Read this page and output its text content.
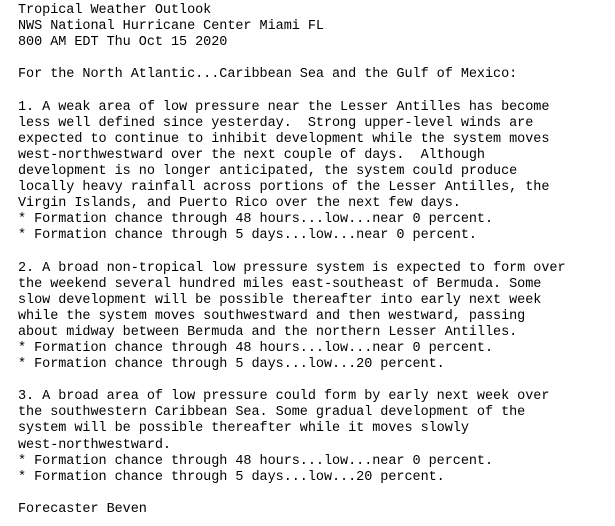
Tropical Weather Outlook
NWS National Hurricane Center Miami FL
800 AM EDT Thu Oct 15 2020
For the North Atlantic...Caribbean Sea and the Gulf of Mexico:
1. A weak area of low pressure near the Lesser Antilles has become
less well defined since yesterday.  Strong upper-level winds are
expected to continue to inhibit development while the system moves
west-northwestward over the next couple of days.  Although
development is no longer anticipated, the system could produce
locally heavy rainfall across portions of the Lesser Antilles, the
Virgin Islands, and Puerto Rico over the next few days.
* Formation chance through 48 hours...low...near 0 percent.
* Formation chance through 5 days...low...near 0 percent.
2. A broad non-tropical low pressure system is expected to form over
the weekend several hundred miles east-southeast of Bermuda. Some
slow development will be possible thereafter into early next week
while the system moves southwestward and then westward, passing
about midway between Bermuda and the northern Lesser Antilles.
* Formation chance through 48 hours...low...near 0 percent.
* Formation chance through 5 days...low...20 percent.
3. A broad area of low pressure could form by early next week over
the southwestern Caribbean Sea. Some gradual development of the
system will be possible thereafter while it moves slowly
west-northwestward.
* Formation chance through 48 hours...low...near 0 percent.
* Formation chance through 5 days...low...20 percent.
Forecaster Beven
